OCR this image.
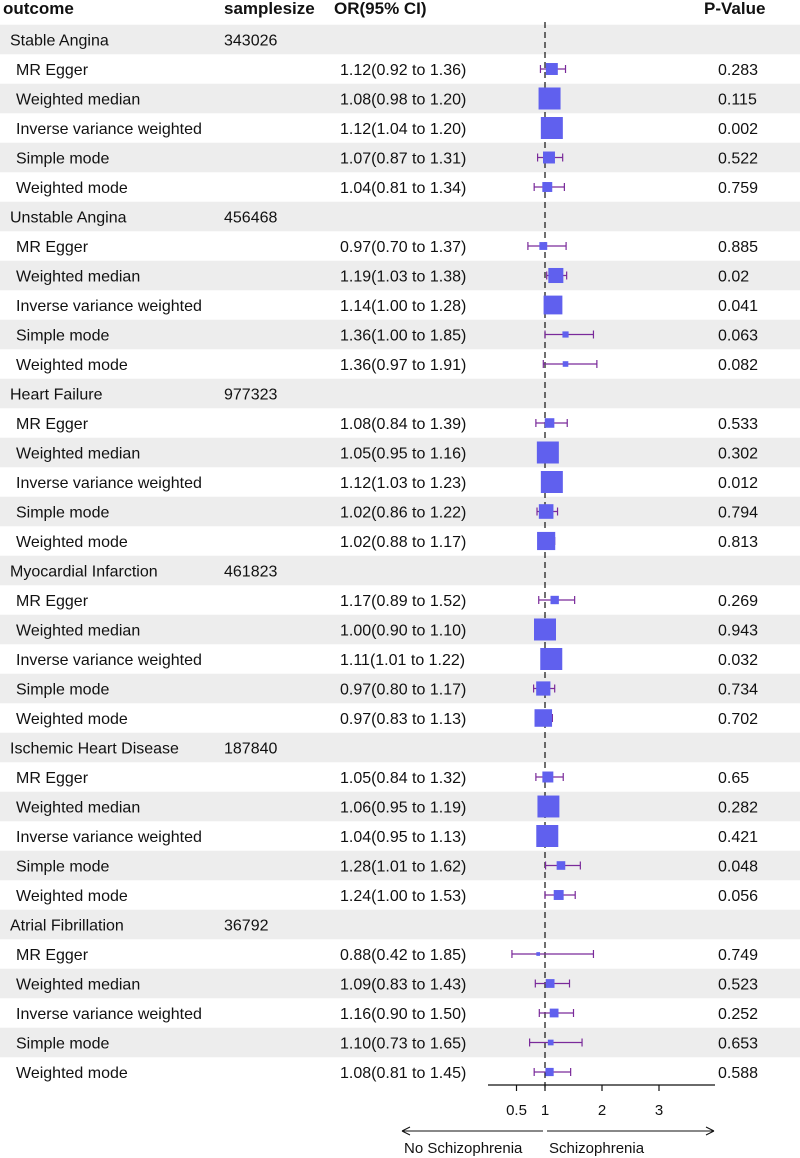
outcome	samplesize OR(95% CI)	P-Value
Stable Angina	343026
MR Egger	1.12(0.92 to 1.36)	0.283
Weighted median	1.08(0.98 to 1.20)	0.115
Inverse variance weighted	1.12(1.04 to 1.20)	0.002
Simple mode	1.07(0.87 to 1.31)	0.522
Weighted mode	1.04(0.81 to 1.34)	0.759
Unstable Angina	456468
MR Egger	0.97(0.70 to 1.37)	0.885
Weighted median	1.19(1.03 to 1.38)	0.02
Inverse variance weighted	1.14(1.00 to 1.28)	0.041
Simple mode	1.36(1.00 to 1.85)	0.063
Weighted mode	1.36(0.97 to 1.91)	0.082
Heart Failure	977323
MR Egger	1.08(0.84 to 1.39)	0.533
Weighted median	1.05(0.95 to 1.16)	0.302
Inverse variance weighted	1.12(1.03 to 1.23)	0.012
Simple mode	1.02(0.86 to 1.22)	0.794
Weighted mode	1.02(0.88 to 1.17)	0.813
Myocardial Infarction	461823
MR Egger	1.17(0.89 to 1.52)	0.269
Weighted median	1.00(0.90 to 1.10)	0.943
Inverse variance weighted	1.11(1.01 to 1.22)	0.032
Simple mode	0.97(0.80 to 1.17)	0.734
Weighted mode	0.97(0.83 to 1.13)	0.702
Ischemic Heart Disease	187840
MR Egger	1.05(0.84 to 1.32)	0.65
Weighted median	1.06(0.95 to 1.19)	0.282
Inverse variance weighted	1.04(0.95 to 1.13)	0.421
Simple mode	1.28(1.01 to 1.62)	0.048
Weighted mode	1.24(1.00 to 1.53)	0.056
Atrial Fibrillation	36792
MR Egger	0.88(0.42 to 1.85)	0.749
Weighted median	1.09(0.83 to 1.43)	0.523
Inverse variance weighted	1.16(0.90 to 1.50)	0.252
Simple mode	1.10(0.73 to 1.65)	0.653
Weighted mode	1.08(0.81 to 1.45)	0.588
0.5 1	2	3
No Schizophrenia Schizophrenia
